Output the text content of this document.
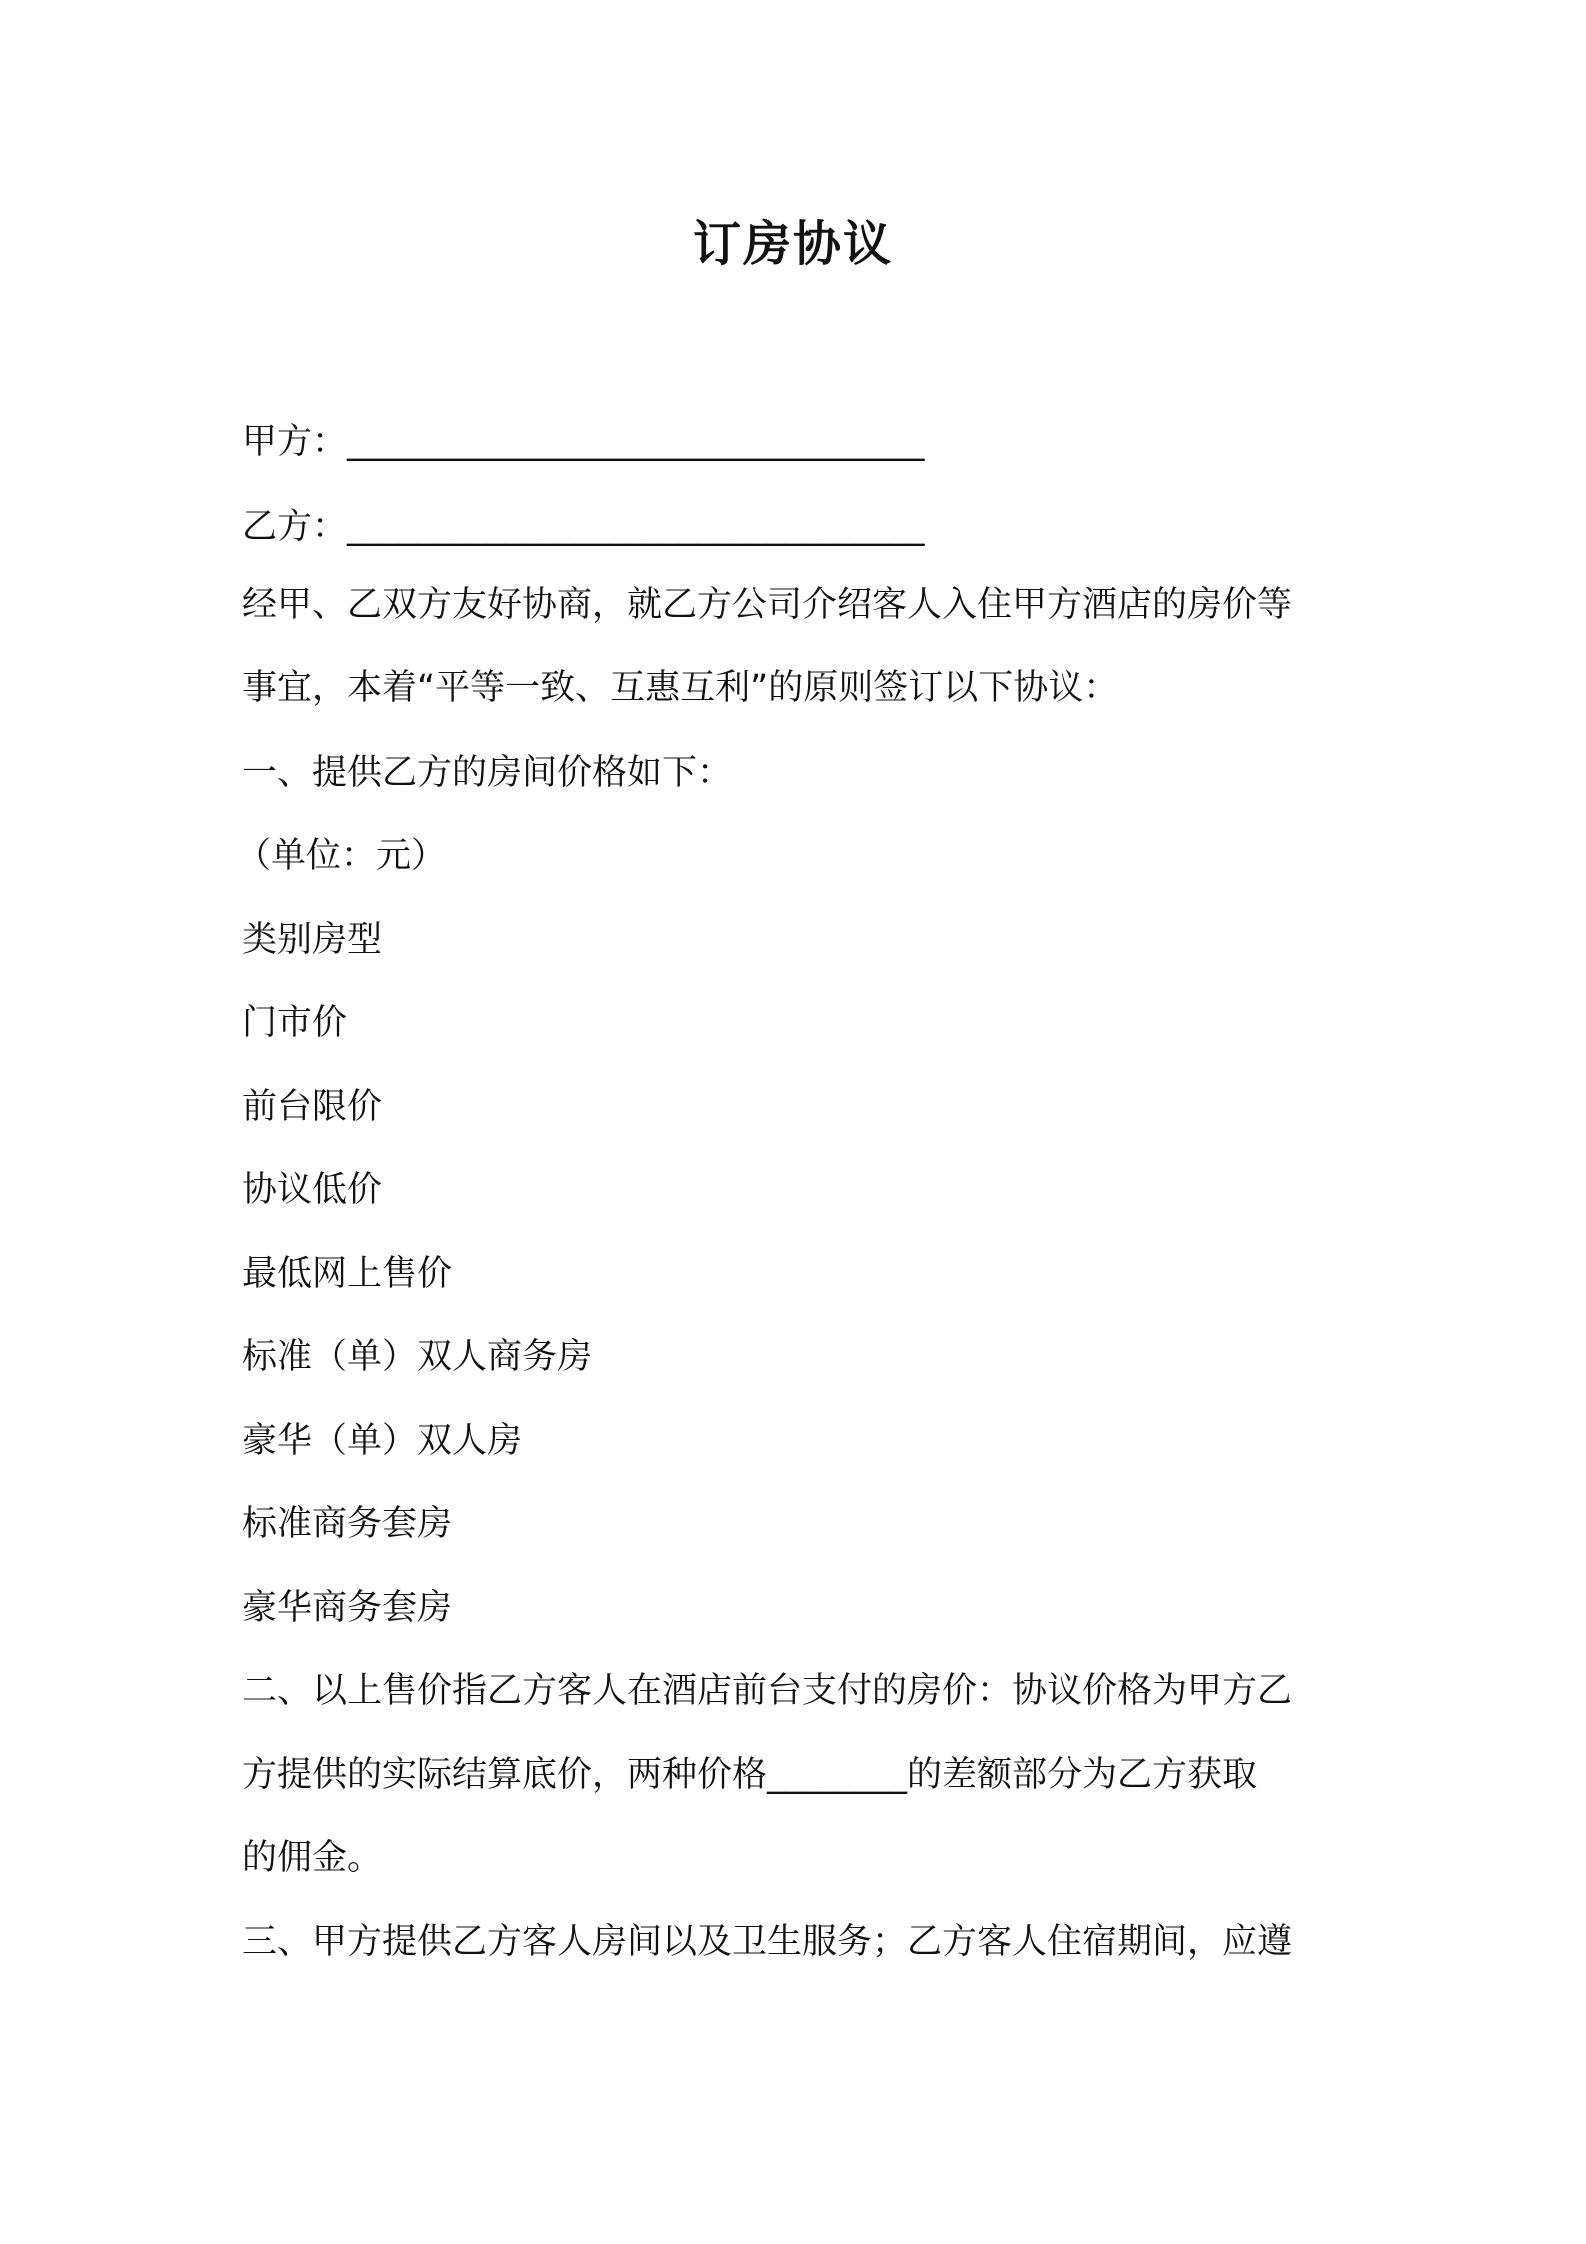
订房协议

甲方：_________________________________

乙方：_________________________________

经甲、乙双方友好协商，就乙方公司介绍客人入住甲方酒店的房价等

事宜，本着“平等一致、互惠互利”的原则签订以下协议：

一、提供乙方的房间价格如下：

（单位：元）

类别房型

门市价

前台限价

协议低价

最低网上售价

标准（单）双人商务房

豪华（单）双人房

标准商务套房

豪华商务套房

二、以上售价指乙方客人在酒店前台支付的房价：协议价格为甲方乙

方提供的实际结算底价，两种价格________的差额部分为乙方获取

的佣金。

三、甲方提供乙方客人房间以及卫生服务；乙方客人住宿期间，应遵
